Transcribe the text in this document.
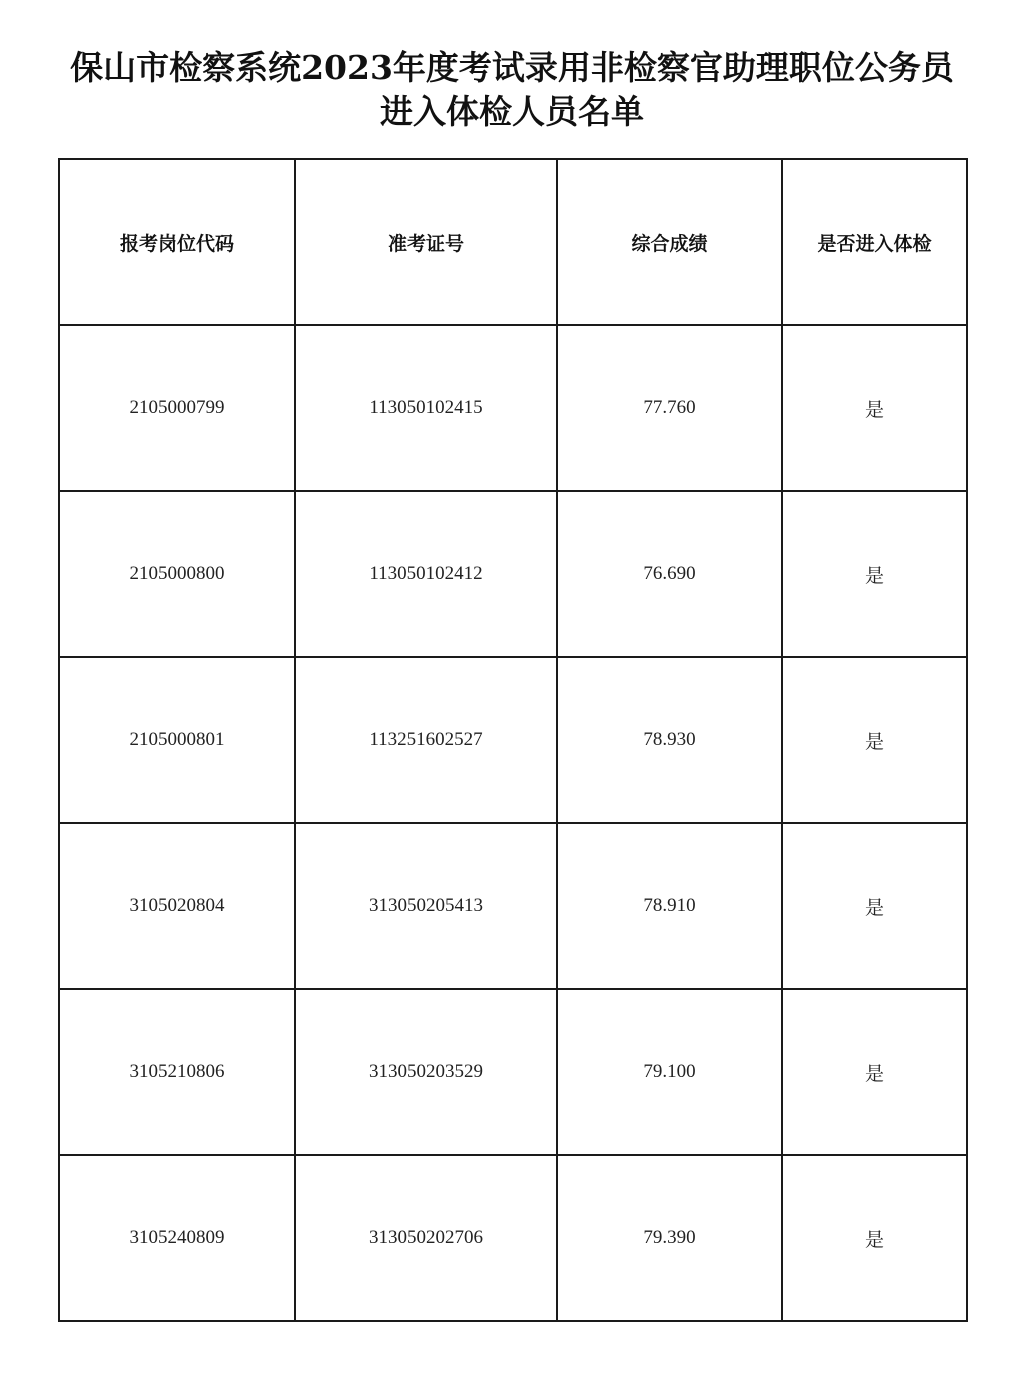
保山市检察系统2023年度考试录用非检察官助理职位公务员
进入体检人员名单
报考岗位代码	准考证号	综合成绩	是否进入体检
2105000799	113050102415	77.760	是
2105000800	113050102412	76.690	是
2105000801	113251602527	78.930	是
3105020804	313050205413	78.910	是
3105210806	313050203529	79.100	是
3105240809	313050202706	79.390	是
